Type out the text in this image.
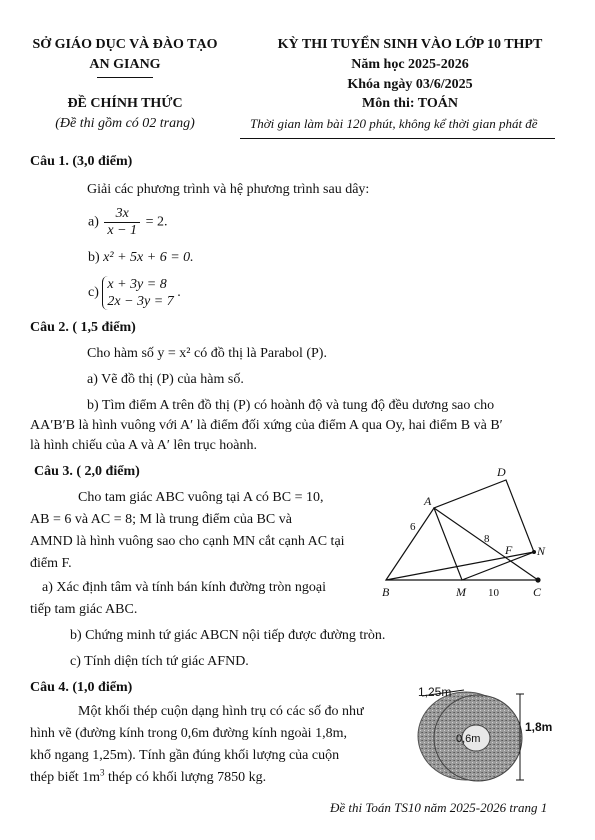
SỞ GIÁO DỤC VÀ ĐÀO TẠO
AN GIANG
ĐỀ CHÍNH THỨC
(Đề thi gồm có 02 trang)
KỲ THI TUYỂN SINH VÀO LỚP 10 THPT
Năm học 2025-2026
Khóa ngày 03/6/2025
Môn thi: TOÁN
Thời gian làm bài 120 phút, không kể thời gian phát đề
Câu 1. (3,0 điểm)
Giải các phương trình và hệ phương trình sau dây:
$a) \frac{3x}{x - 1} = 2$.
b) x² + 5x + 6 = 0.
c)
x + 3y = 8
2x − 3y = 7
.
Câu 2. ( 1,5 điểm)
Cho hàm số y = x² có đồ thị là Parabol (P).
a) Vẽ đồ thị (P) của hàm số.
b) Tìm điểm A trên đồ thị (P) có hoành độ và tung độ đều dương sao cho
AA′B′B là hình vuông với A′ là điểm đối xứng của điểm A qua Oy, hai điểm B và B′
là hình chiếu của A và A′ lên trục hoành.
Câu 3. ( 2,0 điểm)
Cho tam giác ABC vuông tại A có BC = 10,
AB = 6 và AC = 8; M là trung điểm của BC và
AMND là hình vuông sao cho cạnh MN cắt cạnh AC tại
điểm F.
a) Xác định tâm và tính bán kính đường tròn ngoại
tiếp tam giác ABC.
b) Chứng minh tứ giác ABCN nội tiếp được đường tròn.
c) Tính diện tích tứ giác AFND.
A
B	C
D
M
N
F
6
8
10
Câu 4. (1,0 điểm)
Một khối thép cuộn dạng hình trụ có các số đo như
hình vẽ (đường kính trong 0,6m đường kính ngoài 1,8m,
khổ ngang 1,25m). Tính gần đúng khối lượng của cuộn
thép biết $1m^3$ thép có khối lượng 7850 kg.
1,25m
0,6m
1,8m
Đề thi Toán TS10 năm 2025-2026 trang 1
